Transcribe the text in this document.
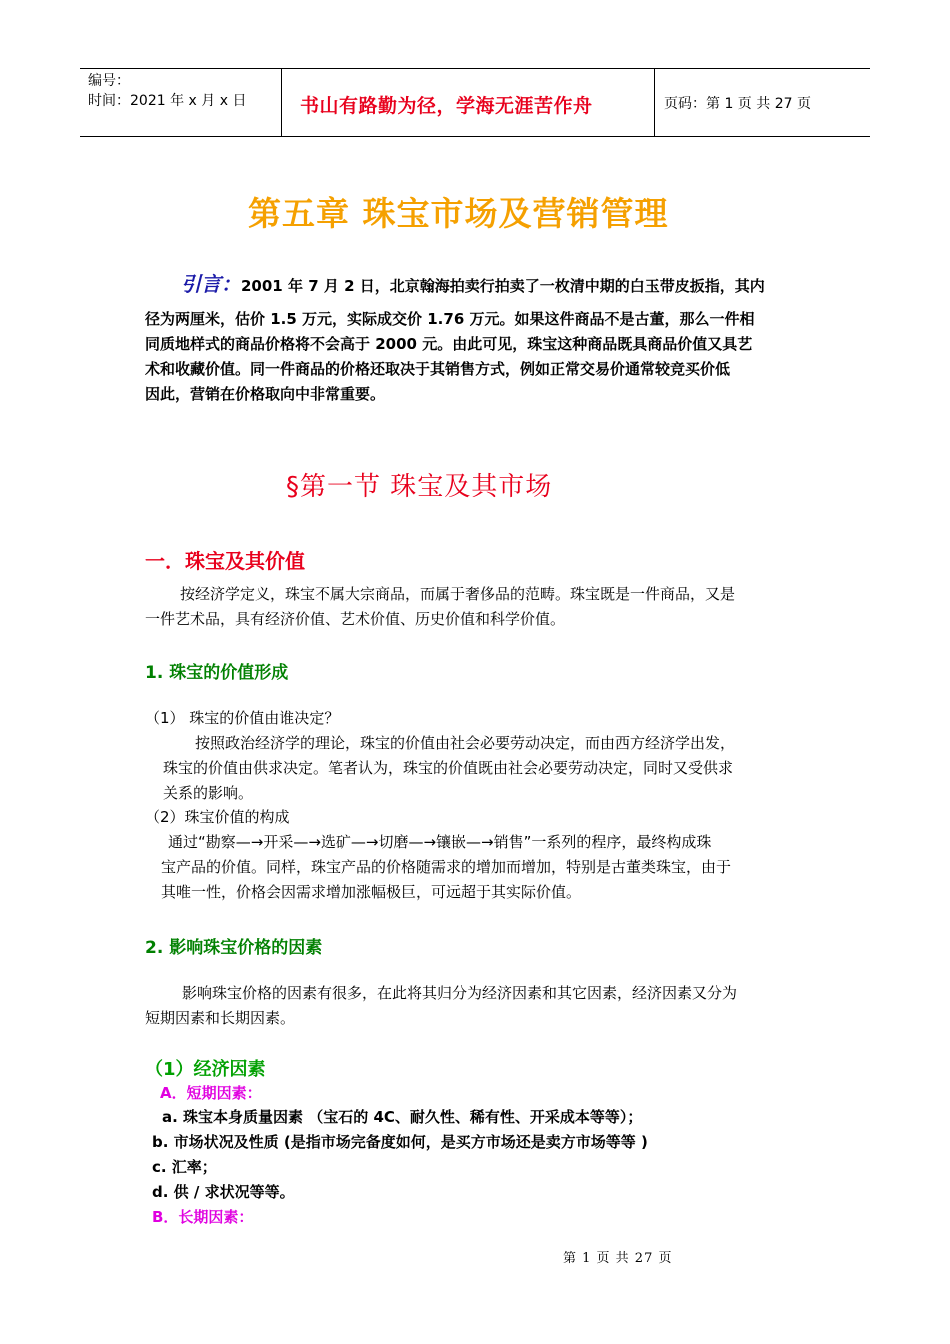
编号：
时间：2021 年 x 月 x 日	书山有路勤为径，学海无涯苦作舟	页码：第 1 页 共 27 页
第五章 珠宝市场及营销管理
引言：2001 年 7 月 2 日，北京翰海拍卖行拍卖了一枚清中期的白玉带皮扳指，其内
径为两厘米，估价 1.5 万元，实际成交价 1.76 万元。如果这件商品不是古董，那么一件相
同质地样式的商品价格将不会高于 2000 元。由此可见，珠宝这种商品既具商品价值又具艺
术和收藏价值。同一件商品的价格还取决于其销售方式，例如正常交易价通常较竞买价低
因此，营销在价格取向中非常重要。
§第一节 珠宝及其市场
一．珠宝及其价值
按经济学定义，珠宝不属大宗商品，而属于奢侈品的范畴。珠宝既是一件商品，又是
一件艺术品，具有经济价值、艺术价值、历史价值和科学价值。
1. 珠宝的价值形成
（1） 珠宝的价值由谁决定？
按照政治经济学的理论，珠宝的价值由社会必要劳动决定，而由西方经济学出发，
珠宝的价值由供求决定。笔者认为，珠宝的价值既由社会必要劳动决定，同时又受供求
关系的影响。
（2）珠宝价值的构成
通过“勘察—→开采—→选矿—→切磨—→镶嵌—→销售”一系列的程序，最终构成珠
宝产品的价值。同样，珠宝产品的价格随需求的增加而增加，特别是古董类珠宝，由于
其唯一性，价格会因需求增加涨幅极巨，可远超于其实际价值。
2. 影响珠宝价格的因素
影响珠宝价格的因素有很多，在此将其归分为经济因素和其它因素，经济因素又分为
短期因素和长期因素。
（1）经济因素
A．短期因素：
a. 珠宝本身质量因素 （宝石的 4C、耐久性、稀有性、开采成本等等）；
b. 市场状况及性质 (是指市场完备度如何，是买方市场还是卖方市场等等 )
c. 汇率；
d. 供 / 求状况等等。
B．长期因素：
第 1 页 共 27 页
